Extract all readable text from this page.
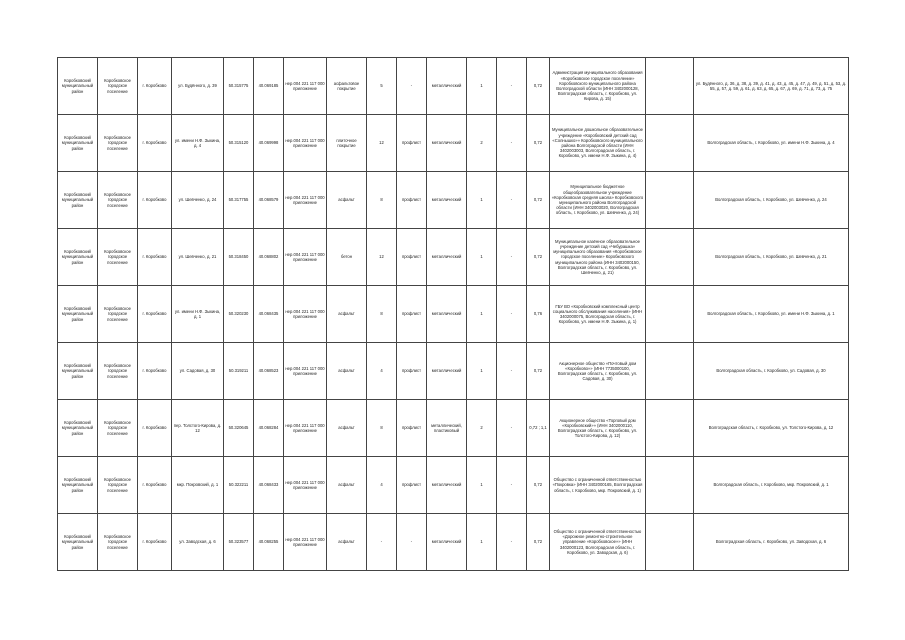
Коробковский муниципальный район	Коробковское городское поселение	г. Коробково	ул. Будённого, д. 39	50.315775	40.069185	нер.004 221 117 000 приложение	асфальтовое покрытие	5	-	металлический	1	-	0,72	Администрация муниципального образования «Коробковское городское поселение» Коробковского муниципального района Волгоградской области (ИНН 3402000128, Волгоградская область, г. Коробково, ул. Кирова, д. 15)		ул. Будённого, д. 36, д. 38, д. 39, д. 41, д. 43, д. 45, д. 47, д. 49, д. 51, д. 53, д. 55, д. 57, д. 59, д. 61, д. 63, д. 65, д. 67, д. 69, д. 71, д. 73, д. 75
Коробковский муниципальный район	Коробковское городское поселение	г. Коробково	ул. имени Н.Ф. Зыкина, д. 4	50.315120	40.069998	нер.004 221 117 000 приложение	плиточное покрытие	12	профлист	металлический	2	-	0,72	Муниципальное дошкольное образовательное учреждение «Коробковский детский сад «Солнышко»» Коробковского муниципального района Волгоградской области (ИНН 3402003003, Волгоградская область, г. Коробково, ул. имени Н.Ф. Зыкина, д. 4)		Волгоградская область, г. Коробково, ул. имени Н.Ф. Зыкина, д. 4
Коробковский муниципальный район	Коробковское городское поселение	г. Коробково	ул. Шевченко, д. 24	50.317755	40.068579	нер.004 221 117 000 приложение	асфальт	8	профлист	металлический	1	-	0,72	Муниципальное бюджетное общеобразовательное учреждение «Коробковская средняя школа» Коробковского муниципального района Волгоградской области (ИНН 3402003020, Волгоградская область, г. Коробково, ул. Шевченко, д. 24)		Волгоградская область, г. Коробково, ул. Шевченко, д. 24
Коробковский муниципальный район	Коробковское городское поселение	г. Коробково	ул. Шевченко, д. 21	50.318450	40.068802	нер.004 221 117 000 приложение	бетон	12	профлист	металлический	1	-	0,72	Муниципальное казённое образовательное учреждение детский сад «Чебурашка» муниципального образования «Коробковское городское поселение» Коробковского муниципального района (ИНН 3402000150, Волгоградская область, г. Коробково, ул. Шевченко, д. 21)		Волгоградская область, г. Коробково, ул. Шевченко, д. 21
Коробковский муниципальный район	Коробковское городское поселение	г. Коробково	ул. имени Н.Ф. Зыкина, д. 1	50.320230	40.068435	нер.004 221 117 000 приложение	асфальт	8	профлист	металлический	1	-	0,76	ГБУ ВО «Коробковский комплексный центр социального обслуживания населения» (ИНН 3402000075, Волгоградская область, г. Коробково, ул. имени Н.Ф. Зыкина, д. 1)		Волгоградская область, г. Коробково, ул. имени Н.Ф. Зыкина, д. 1
Коробковский муниципальный район	Коробковское городское поселение	г. Коробково	ул. Садовая, д. 30	50.319211	40.068523	нер.004 221 117 000 приложение	асфальт	4	профлист	металлический	1	-	0,72	Акционерное общество «Почтовый дом «Коробково»» (ИНН 7735000100, Волгоградская область, г. Коробково, ул. Садовая, д. 30)		Волгоградская область, г. Коробково, ул. Садовая, д. 30
Коробковский муниципальный район	Коробковское городское поселение	г. Коробково	пер. Толстого-Кирова, д. 12	50.320645	40.068284	нер.004 221 117 000 приложение	асфальт	8	профлист	металлический, пластиковый	2	-	0,72 ; 1,1	Акционерное общество «Торговый дом «Коробковский»» (ИНН 3402000110, Волгоградская область, г. Коробково, ул. Толстого-Кирова, д. 12)		Волгоградская область, г. Коробково, ул. Толстого-Кирова, д. 12
Коробковский муниципальный район	Коробковское городское поселение	г. Коробково	мкр. Покровский, д. 1	50.322211	40.068433	нер.004 221 117 000 приложение	асфальт	4	профлист	металлический	1	-	0,72	Общество с ограниченной ответственностью «Покровка» (ИНН 3402000165, Волгоградская область, г. Коробково, мкр. Покровский, д. 1)		Волгоградская область, г. Коробково, мкр. Покровский, д. 1
Коробковский муниципальный район	Коробковское городское поселение	г. Коробково	ул. Заводская, д. 6	50.323577	40.068255	нер.004 221 117 000 приложение	асфальт	-	-	металлический	1	-	0,72	Общество с ограниченной ответственностью «Дорожное ремонтно-строительное управление «Коробковское»» (ИНН 3402000123, Волгоградская область, г. Коробково, ул. Заводская, д. 6)		Волгоградская область, г. Коробково, ул. Заводская, д. 6
